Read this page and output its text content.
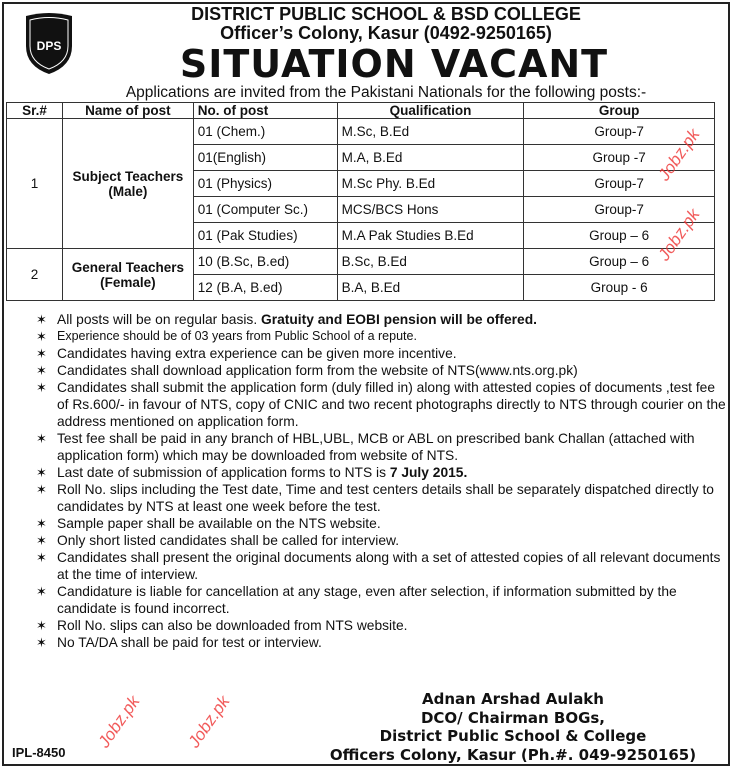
DPS
DISTRICT PUBLIC SCHOOL & BSD COLLEGE
Officer’s Colony, Kasur (0492-9250165)
SITUATION VACANT
Applications are invited from the Pakistani Nationals for the following posts:-
Sr.#	Name of post	No. of post	Qualification	Group
1	Subject Teachers (Male)	01 (Chem.)	M.Sc, B.Ed	Group-7
		01(English)	M.A, B.Ed	Group -7
		01 (Physics)	M.Sc Phy. B.Ed	Group-7
		01 (Computer Sc.)	MCS/BCS Hons	Group-7
		01 (Pak Studies)	M.A Pak Studies B.Ed	Group – 6
2	General Teachers (Female)	10 (B.Sc, B.ed)	B.Sc, B.Ed	Group – 6
		12 (B.A, B.ed)	B.A, B.Ed	Group - 6
✶ All posts will be on regular basis. Gratuity and EOBI pension will be offered.
✶ Experience should be of 03 years from Public School of a repute.
✶ Candidates having extra experience can be given more incentive.
✶ Candidates shall download application form from the website of NTS(www.nts.org.pk)
✶ Candidates shall submit the application form (duly filled in) along with attested copies of documents ,test fee of Rs.600/- in favour of NTS, copy of CNIC and two recent photographs directly to NTS through courier on the address mentioned on application form.
✶ Test fee shall be paid in any branch of HBL,UBL, MCB or ABL on prescribed bank Challan (attached with application form) which may be downloaded from website of NTS.
✶ Last date of submission of application forms to NTS is 7 July 2015.
✶ Roll No. slips including the Test date, Time and test centers details shall be separately dispatched directly to candidates by NTS at least one week before the test.
✶ Sample paper shall be available on the NTS website.
✶ Only short listed candidates shall be called for interview.
✶ Candidates shall present the original documents along with a set of attested copies of all relevant documents at the time of interview.
✶ Candidature is liable for cancellation at any stage, even after selection, if information submitted by the candidate is found incorrect.
✶ Roll No. slips can also be downloaded from NTS website.
✶ No TA/DA shall be paid for test or interview.
Adnan Arshad Aulakh
DCO/ Chairman BOGs,
District Public School & College
Officers Colony, Kasur (Ph.#. 049-9250165)
IPL-8450
Jobz.pk
Jobz.pk
Jobz.pk Jobz.pk
